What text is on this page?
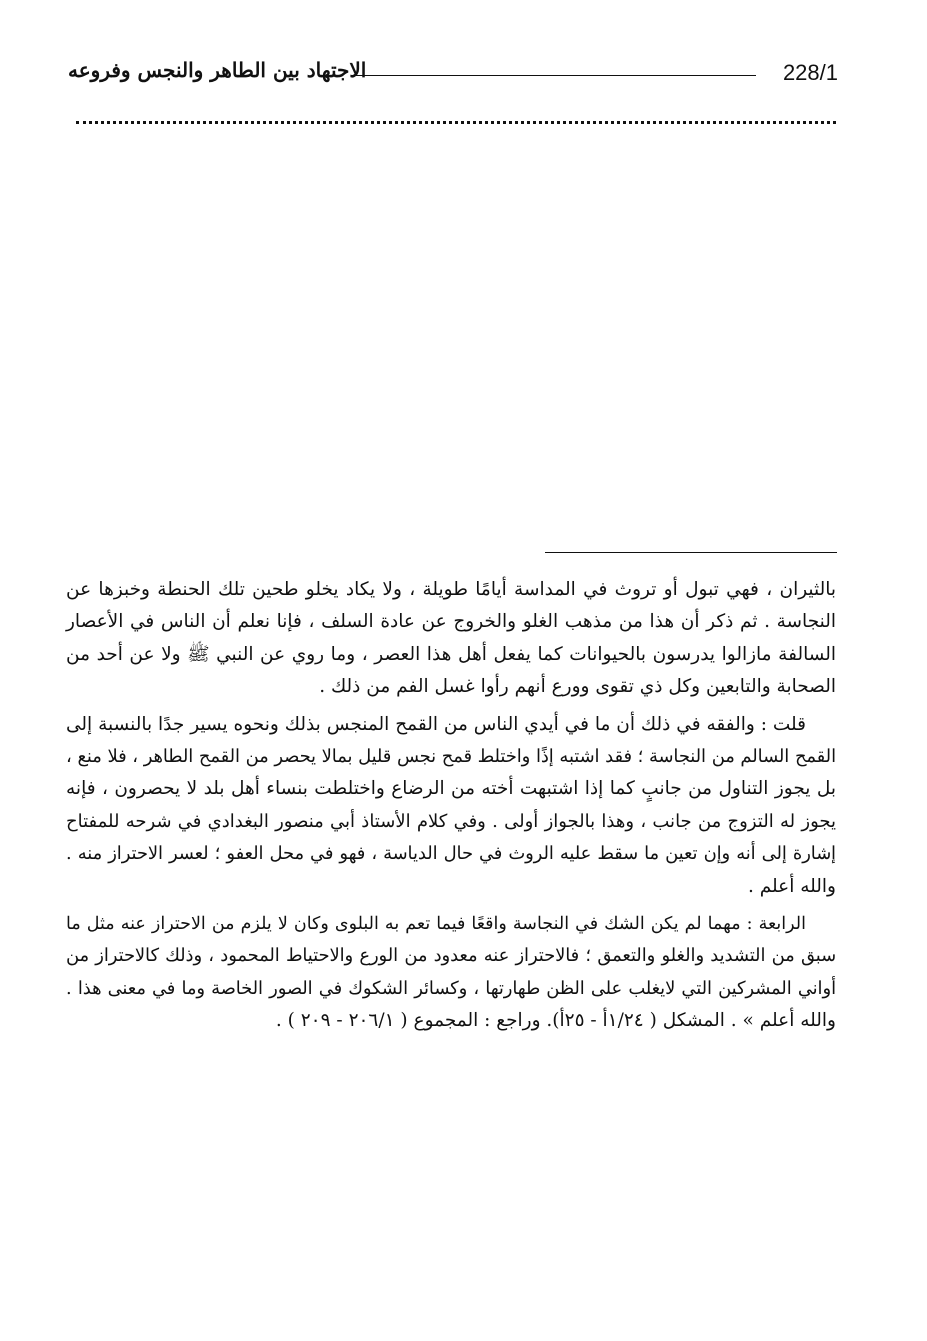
228/1
الاجتهاد بين الطاهر والنجس وفروعه
بالثيران ، فهي تبول أو تروث في المداسة أيامًا طويلة ، ولا يكاد يخلو طحين تلك الحنطة وخبزها عن
النجاسة . ثم ذكر أن هذا من مذهب الغلو والخروج عن عادة السلف ، فإنا نعلم أن الناس في الأعصار
السالفة مازالوا يدرسون بالحيوانات كما يفعل أهل هذا العصر ، وما روي عن النبي ﷺ ولا عن أحد من
الصحابة والتابعين وكل ذي تقوى وورع أنهم رأوا غسل الفم من ذلك .
قلت : والفقه في ذلك أن ما في أيدي الناس من القمح المنجس بذلك ونحوه يسير جدًا بالنسبة إلى
القمح السالم من النجاسة ؛ فقد اشتبه إذًا واختلط قمح نجس قليل بمالا يحصر من القمح الطاهر ، فلا منع ،
بل يجوز التناول من جانبٍ كما إذا اشتبهت أخته من الرضاع واختلطت بنساء أهل بلد لا يحصرون ، فإنه
يجوز له التزوج من جانب ، وهذا بالجواز أولى . وفي كلام الأستاذ أبي منصور البغدادي في شرحه للمفتاح
إشارة إلى أنه وإن تعين ما سقط عليه الروث في حال الدياسة ، فهو في محل العفو ؛ لعسر الاحتراز منه .
والله أعلم .
الرابعة : مهما لم يكن الشك في النجاسة واقعًا فيما تعم به البلوى وكان لا يلزم من الاحتراز عنه مثل ما
سبق من التشديد والغلو والتعمق ؛ فالاحتراز عنه معدود من الورع والاحتياط المحمود ، وذلك كالاحتراز من
أواني المشركين التي لايغلب على الظن طهارتها ، وكسائر الشكوك في الصور الخاصة وما في معنى هذا .
والله أعلم » . المشكل ( ١/٢٤أ - ٢٥أ). وراجع : المجموع ( ٢٠٦/١ - ٢٠٩ ) .
